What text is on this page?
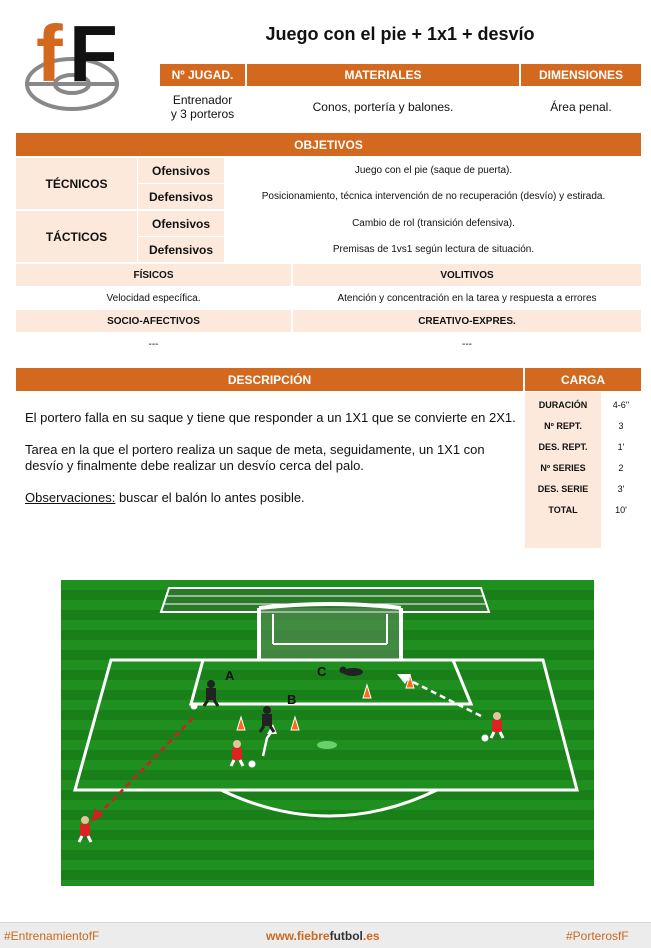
f F	Juego con el pie + 1x1 + desvío
Nº JUGAD.	MATERIALES	DIMENSIONES
Entrenador
y 3 porteros	Conos, portería y balones.	Área penal.
OBJETIVOS
TÉCNICOS
Ofensivos	Juego con el pie (saque de puerta).
Defensivos	Posicionamiento, técnica intervención de no recuperación (desvío) y estirada.
TÁCTICOS
Ofensivos	Cambio de rol (transición defensiva).
Defensivos	Premisas de 1vs1 según lectura de situación.
FÍSICOS	VOLITIVOS
Velocidad específica.	Atención y concentración en la tarea y respuesta a errores
SOCIO-AFECTIVOS	CREATIVO-EXPRES.
---	---
DESCRIPCIÓN	CARGA

El portero falla en su saque y tiene que responder a un 1X1 que se convierte en 2X1.

Tarea en la que el portero realiza un saque de meta, seguidamente, un 1X1 con desvío y finalmente debe realizar un desvío cerca del palo.

Observaciones: buscar el balón lo antes posible.

DURACIÓN	4-6''
Nº REPT.	3
DES. REPT.	1'
Nº SERIES	2
DES. SERIE	3'
TOTAL	10'
A
B
C
#EntrenamientofF	www.fiebrefutbol.es	#PorterosfF
